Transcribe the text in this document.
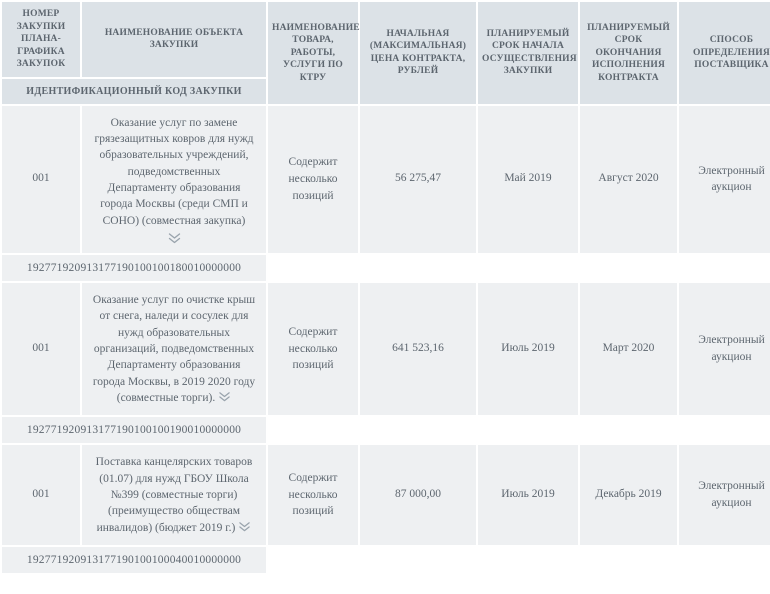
НОМЕР ЗАКУПКИ ПЛАНА-ГРАФИКА ЗАКУПОК	НАИМЕНОВАНИЕ ОБЪЕКТА ЗАКУПКИ	НАИМЕНОВАНИЕ ТОВАРА, РАБОТЫ, УСЛУГИ ПО КТРУ	НАЧАЛЬНАЯ (МАКСИМАЛЬНАЯ) ЦЕНА КОНТРАКТА, РУБЛЕЙ	ПЛАНИРУЕМЫЙ СРОК НАЧАЛА ОСУЩЕСТВЛЕНИЯ ЗАКУПКИ	ПЛАНИРУЕМЫЙ СРОК ОКОНЧАНИЯ ИСПОЛНЕНИЯ КОНТРАКТА	СПОСОБ ОПРЕДЕЛЕНИЯ ПОСТАВЩИКА
ИДЕНТИФИКАЦИОННЫЙ КОД ЗАКУПКИ						
001	Оказание услуг по замене грязезащитных ковров для нужд образовательных учреждений, подведомственных Департаменту образования города Москвы (среди СМП и СОНО) (совместная закупка)	Содержит несколько позиций	56 275,47	Май 2019	Август 2020	Электронный аукцион
192771920913177190100100180010000000						
001	Оказание услуг по очистке крыш от снега, наледи и сосулек для нужд образовательных организаций, подведомственных Департаменту образования города Москвы, в 2019 2020 году (совместные торги).	Содержит несколько позиций	641 523,16	Июль 2019	Март 2020	Электронный аукцион
192771920913177190100100190010000000						
001	Поставка канцелярских товаров (01.07) для нужд ГБОУ Школа №399 (совместные торги) (преимущество обществам инвалидов) (бюджет 2019 г.)	Содержит несколько позиций	87 000,00	Июль 2019	Декабрь 2019	Электронный аукцион
192771920913177190100100040010000000						
